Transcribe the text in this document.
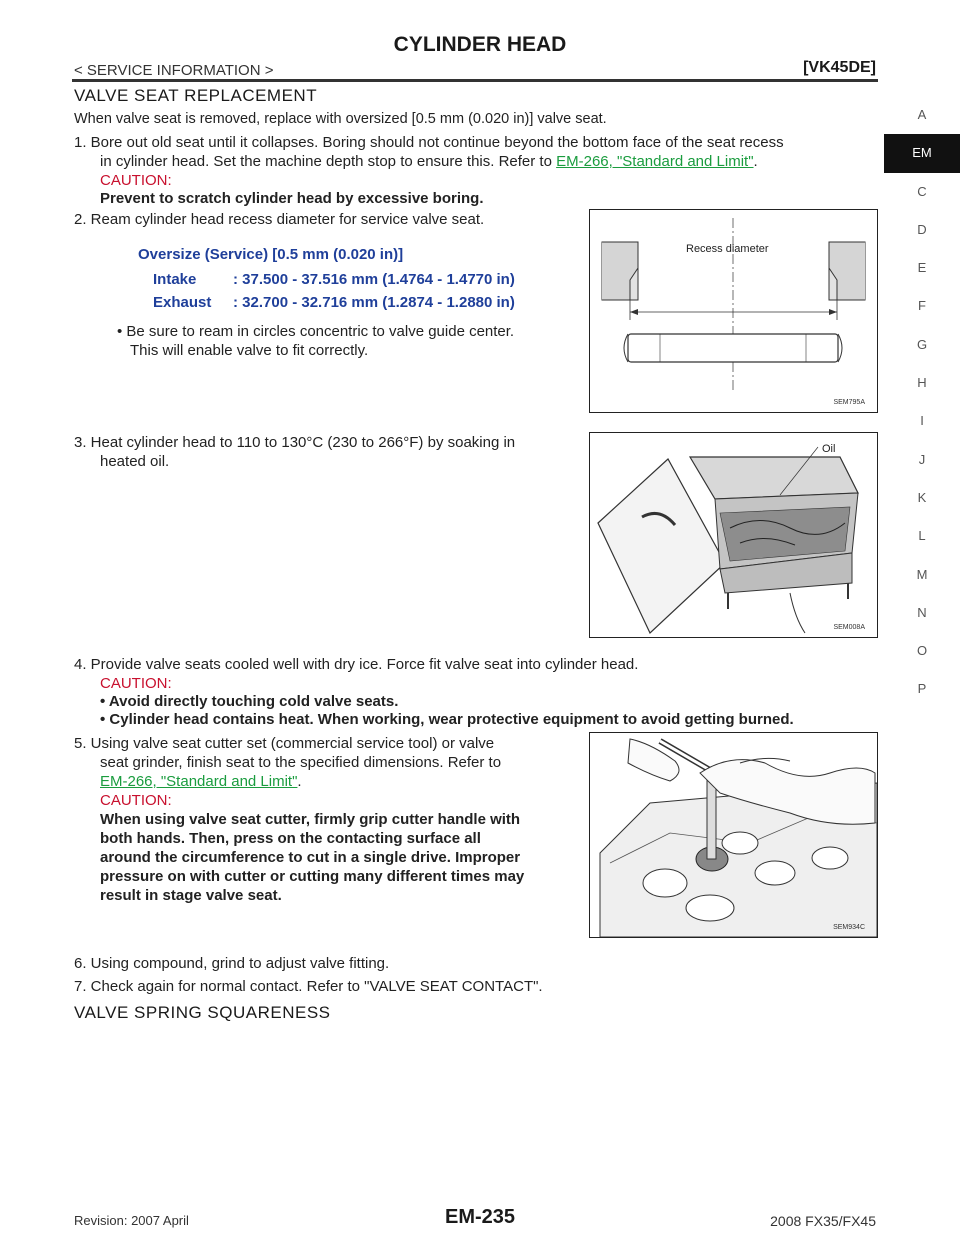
CYLINDER HEAD
< SERVICE INFORMATION >	[VK45DE]
VALVE SEAT REPLACEMENT
When valve seat is removed, replace with oversized [0.5 mm (0.020 in)] valve seat.
1. Bore out old seat until it collapses. Boring should not continue beyond the bottom face of the seat recess
in cylinder head. Set the machine depth stop to ensure this. Refer to EM-266, "Standard and Limit".
CAUTION:
Prevent to scratch cylinder head by excessive boring.
2. Ream cylinder head recess diameter for service valve seat.
Oversize (Service) [0.5 mm (0.020 in)]
Intake : 37.500 - 37.516 mm (1.4764 - 1.4770 in)
Exhaust : 32.700 - 32.716 mm (1.2874 - 1.2880 in)
• Be sure to ream in circles concentric to valve guide center.
This will enable valve to fit correctly.
Recess diameter
SEM795A
3. Heat cylinder head to 110 to 130°C (230 to 266°F) by soaking in
heated oil.
Oil
SEM008A
4. Provide valve seats cooled well with dry ice. Force fit valve seat into cylinder head.
CAUTION:
• Avoid directly touching cold valve seats.
• Cylinder head contains heat. When working, wear protective equipment to avoid getting burned.
5. Using valve seat cutter set (commercial service tool) or valve
seat grinder, finish seat to the specified dimensions. Refer to
EM-266, "Standard and Limit".
CAUTION:
When using valve seat cutter, firmly grip cutter handle with
both hands. Then, press on the contacting surface all
around the circumference to cut in a single drive. Improper
pressure on with cutter or cutting many different times may
result in stage valve seat.
SEM934C
6. Using compound, grind to adjust valve fitting.
7. Check again for normal contact. Refer to "VALVE SEAT CONTACT".
VALVE SPRING SQUARENESS
A
EM
C
D
E
F
G
H
I
J
K
L
M
N
O
P
Revision: 2007 April	EM-235	2008 FX35/FX45
